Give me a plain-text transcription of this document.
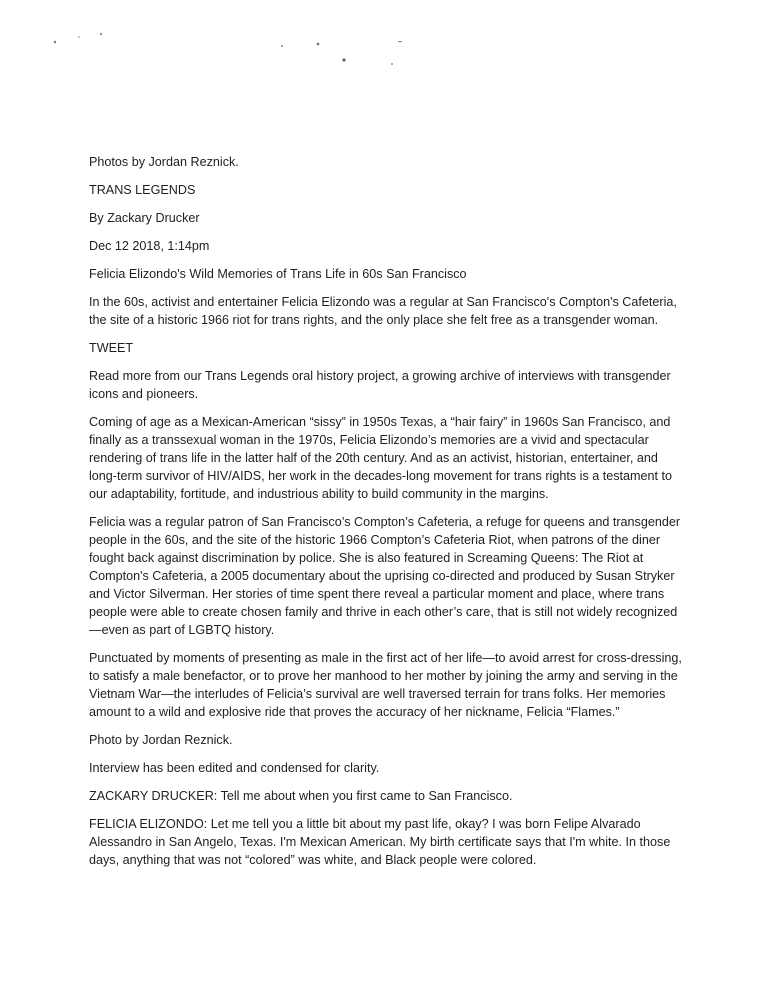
Photos by Jordan Reznick.

TRANS LEGENDS

By Zackary Drucker

Dec 12 2018, 1:14pm

Felicia Elizondo's Wild Memories of Trans Life in 60s San Francisco

In the 60s, activist and entertainer Felicia Elizondo was a regular at San Francisco's Compton's Cafeteria, the site of a historic 1966 riot for trans rights, and the only place she felt free as a transgender woman.

TWEET

Read more from our Trans Legends oral history project, a growing archive of interviews with transgender icons and pioneers.

Coming of age as a Mexican-American “sissy” in 1950s Texas, a “hair fairy” in 1960s San Francisco, and finally as a transsexual woman in the 1970s, Felicia Elizondo’s memories are a vivid and spectacular rendering of trans life in the latter half of the 20th century. And as an activist, historian, entertainer, and long-term survivor of HIV/AIDS, her work in the decades-long movement for trans rights is a testament to our adaptability, fortitude, and industrious ability to build community in the margins.

Felicia was a regular patron of San Francisco’s Compton’s Cafeteria, a refuge for queens and transgender people in the 60s, and the site of the historic 1966 Compton’s Cafeteria Riot, when patrons of the diner fought back against discrimination by police. She is also featured in Screaming Queens: The Riot at Compton's Cafeteria, a 2005 documentary about the uprising co-directed and produced by Susan Stryker and Victor Silverman. Her stories of time spent there reveal a particular moment and place, where trans people were able to create chosen family and thrive in each other’s care, that is still not widely recognized—even as part of LGBTQ history.

Punctuated by moments of presenting as male in the first act of her life—to avoid arrest for cross-dressing, to satisfy a male benefactor, or to prove her manhood to her mother by joining the army and serving in the Vietnam War—the interludes of Felicia’s survival are well traversed terrain for trans folks. Her memories amount to a wild and explosive ride that proves the accuracy of her nickname, Felicia “Flames.”

Photo by Jordan Reznick.

Interview has been edited and condensed for clarity.

ZACKARY DRUCKER: Tell me about when you first came to San Francisco.

FELICIA ELIZONDO: Let me tell you a little bit about my past life, okay? I was born Felipe Alvarado Alessandro in San Angelo, Texas. I'm Mexican American. My birth certificate says that I'm white. In those days, anything that was not “colored” was white, and Black people were colored.
